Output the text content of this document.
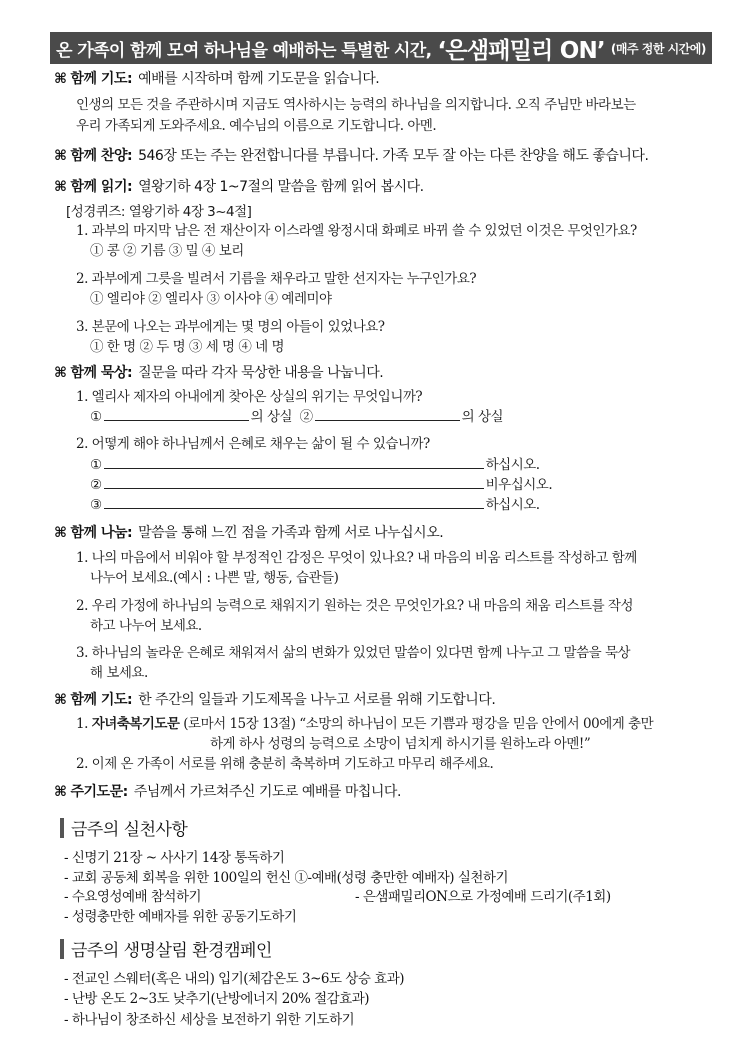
온 가족이 함께 모여 하나님을 예배하는 특별한 시간, ‘은샘패밀리 ON’ (매주 정한 시간에)
⌘ 함께 기도: 예배를 시작하며 함께 기도문을 읽습니다.
인생의 모든 것을 주관하시며 지금도 역사하시는 능력의 하나님을 의지합니다. 오직 주님만 바라보는
우리 가족되게 도와주세요. 예수님의 이름으로 기도합니다. 아멘.
⌘ 함께 찬양: 546장 또는 주는 완전합니다를 부릅니다. 가족 모두 잘 아는 다른 찬양을 해도 좋습니다.
⌘ 함께 읽기: 열왕기하 4장 1~7절의 말씀을 함께 읽어 봅시다.
[성경퀴즈: 열왕기하 4장 3~4절]
1. 과부의 마지막 남은 전 재산이자 이스라엘 왕정시대 화폐로 바뀌 쓸 수 있었던 이것은 무엇인가요?
① 콩 ② 기름 ③ 밀 ④ 보리
2. 과부에게 그릇을 빌려서 기름을 채우라고 말한 선지자는 누구인가요?
① 엘리야 ② 엘리사 ③ 이사야 ④ 예레미야
3. 본문에 나오는 과부에게는 몇 명의 아들이 있었나요?
① 한 명 ② 두 명 ③ 세 명 ④ 네 명
⌘ 함께 묵상: 질문을 따라 각자 묵상한 내용을 나눕니다.
1. 엘리사 제자의 아내에게 찾아온 상실의 위기는 무엇입니까?
①	의 상실 ②	의 상실
2. 어떻게 해야 하나님께서 은혜로 채우는 삶이 될 수 있습니까?
①	하십시오.
②	비우십시오.
③	하십시오.
⌘ 함께 나눔: 말씀을 통해 느낀 점을 가족과 함께 서로 나누십시오.
1. 나의 마음에서 비워야 할 부정적인 감정은 무엇이 있나요? 내 마음의 비움 리스트를 작성하고 함께
나누어 보세요.(예시 : 나쁜 말, 행동, 습관들)
2. 우리 가정에 하나님의 능력으로 채워지기 원하는 것은 무엇인가요? 내 마음의 채움 리스트를 작성
하고 나누어 보세요.
3. 하나님의 놀라운 은혜로 채워져서 삶의 변화가 있었던 말씀이 있다면 함께 나누고 그 말씀을 묵상
해 보세요.
⌘ 함께 기도: 한 주간의 일들과 기도제목을 나누고 서로를 위해 기도합니다.
1. 자녀축복기도문 (로마서 15장 13절) “소망의 하나님이 모든 기쁨과 평강을 믿음 안에서 00에게 충만
하게 하사 성령의 능력으로 소망이 넘치게 하시기를 원하노라 아멘!”
2. 이제 온 가족이 서로를 위해 충분히 축복하며 기도하고 마무리 해주세요.
⌘ 주기도문: 주님께서 가르쳐주신 기도로 예배를 마칩니다.
금주의 실천사항
- 신명기 21장 ~ 사사기 14장 통독하기
- 교회 공동체 회복을 위한 100일의 헌신 ①-예배(성령 충만한 예배자) 실천하기
- 수요영성예배 참석하기	- 은샘패밀리ON으로 가정예배 드리기(주1회)
- 성령충만한 예배자를 위한 공동기도하기
금주의 생명살림 환경캠페인
- 전교인 스웨터(혹은 내의) 입기(체감온도 3~6도 상승 효과)
- 난방 온도 2~3도 낮추기(난방에너지 20% 절감효과)
- 하나님이 창조하신 세상을 보전하기 위한 기도하기
